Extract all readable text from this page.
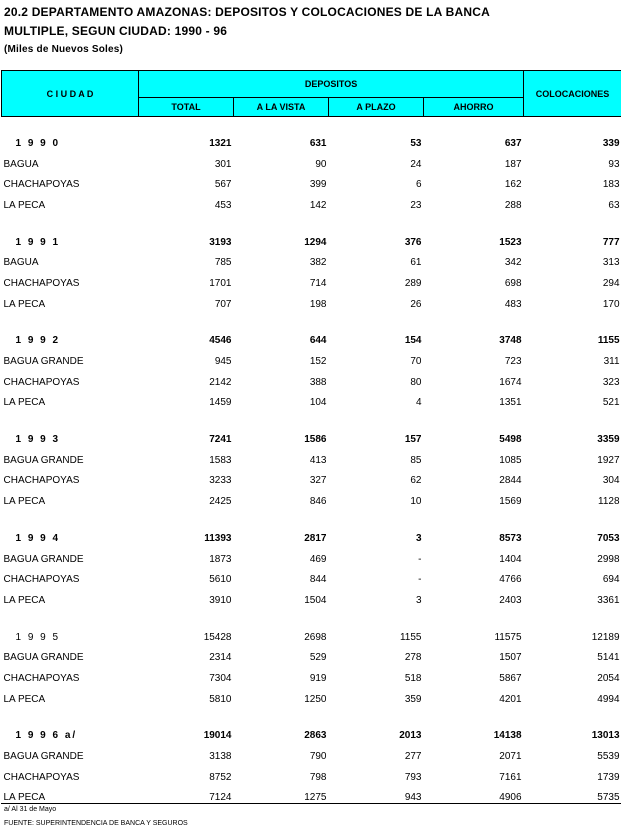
20.2 DEPARTAMENTO AMAZONAS: DEPOSITOS Y COLOCACIONES DE LA BANCA
MULTIPLE, SEGUN CIUDAD: 1990 - 96
(Miles de Nuevos Soles)
C I U D A D	DEPOSITOS				COLOCACIONES
	TOTAL	A LA VISTA	A PLAZO	AHORRO	

1 9 9 0	1321	631	53	637	339
BAGUA	301	90	24	187	93
CHACHAPOYAS	567	399	6	162	183
LA PECA	453	142	23	288	63

1 9 9 1	3193	1294	376	1523	777
BAGUA	785	382	61	342	313
CHACHAPOYAS	1701	714	289	698	294
LA PECA	707	198	26	483	170

1 9 9 2	4546	644	154	3748	1155
BAGUA GRANDE	945	152	70	723	311
CHACHAPOYAS	2142	388	80	1674	323
LA PECA	1459	104	4	1351	521

1 9 9 3	7241	1586	157	5498	3359
BAGUA GRANDE	1583	413	85	1085	1927
CHACHAPOYAS	3233	327	62	2844	304
LA PECA	2425	846	10	1569	1128

1 9 9 4	11393	2817	3	8573	7053
BAGUA GRANDE	1873	469	-	1404	2998
CHACHAPOYAS	5610	844	-	4766	694
LA PECA	3910	1504	3	2403	3361

1 9 9 5	15428	2698	1155	11575	12189
BAGUA GRANDE	2314	529	278	1507	5141
CHACHAPOYAS	7304	919	518	5867	2054
LA PECA	5810	1250	359	4201	4994

1 9 9 6 a/	19014	2863	2013	14138	13013
BAGUA GRANDE	3138	790	277	2071	5539
CHACHAPOYAS	8752	798	793	7161	1739
LA PECA	7124	1275	943	4906	5735
a/ Al 31 de Mayo
FUENTE: SUPERINTENDENCIA DE BANCA Y SEGUROS
